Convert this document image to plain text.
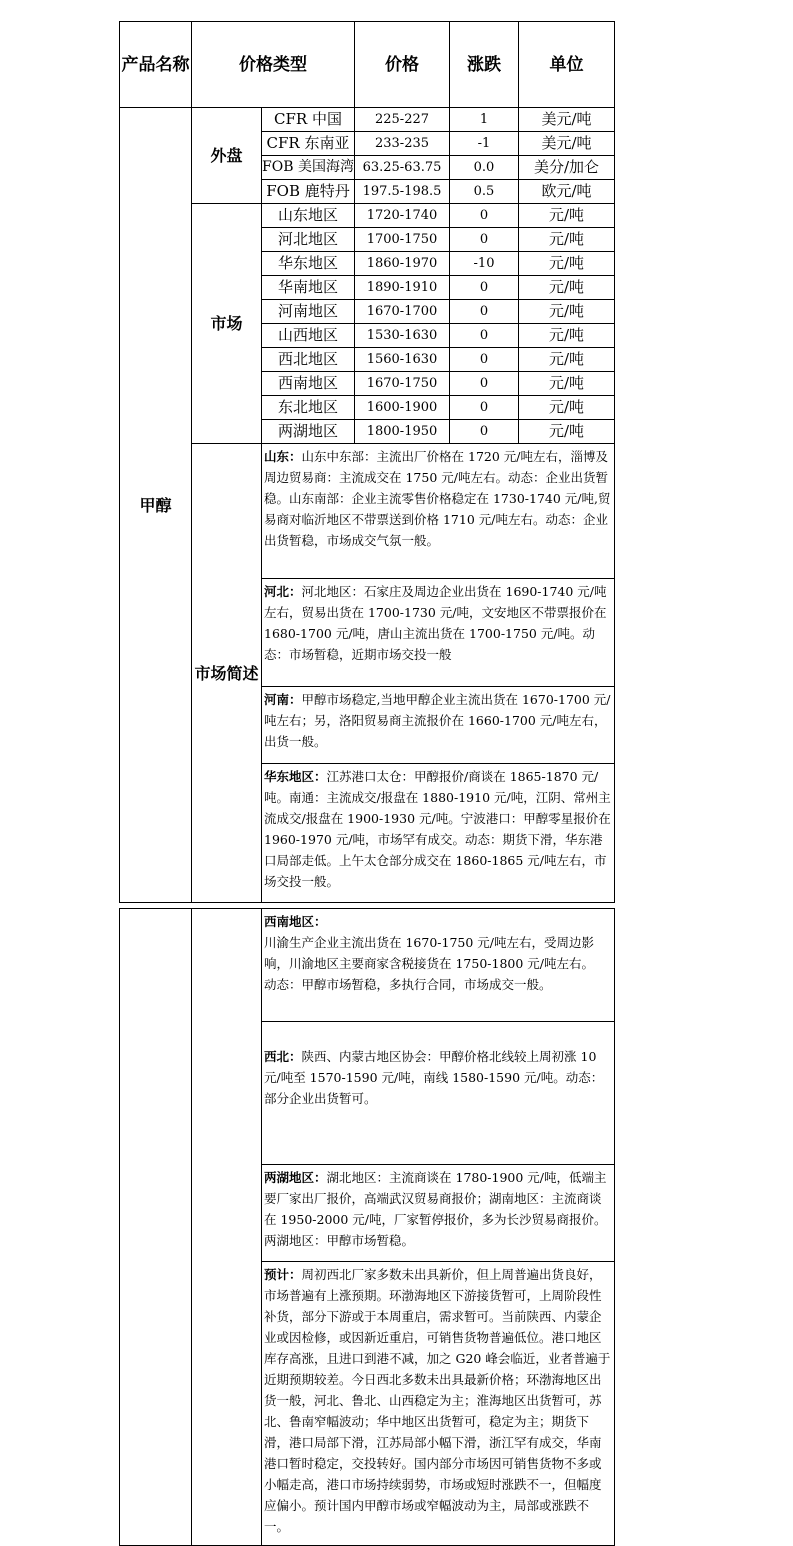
产品名称	价格类型		价格	涨跌	单位
甲醇	外盘	CFR 中国	225-227	1	美元/吨
		CFR 东南亚	233-235	-1	美元/吨
		FOB 美国海湾	63.25-63.75	0.0	美分/加仑
		FOB 鹿特丹	197.5-198.5	0.5	欧元/吨
	市场	山东地区	1720-1740	0	元/吨
		河北地区	1700-1750	0	元/吨
		华东地区	1860-1970	-10	元/吨
		华南地区	1890-1910	0	元/吨
		河南地区	1670-1700	0	元/吨
		山西地区	1530-1630	0	元/吨
		西北地区	1560-1630	0	元/吨
		西南地区	1670-1750	0	元/吨
		东北地区	1600-1900	0	元/吨
		两湖地区	1800-1950	0	元/吨
	市场简述	山东：山东中东部：主流出厂价格在 1720 元/吨左右，淄博及周边贸易商：主流成交在 1750 元/吨左右。动态：企业出货暂稳。山东南部：企业主流零售价格稳定在 1730-1740 元/吨,贸易商对临沂地区不带票送到价格 1710 元/吨左右。动态：企业出货暂稳，市场成交气氛一般。			
		河北：河北地区：石家庄及周边企业出货在 1690-1740 元/吨左右，贸易出货在 1700-1730 元/吨，文安地区不带票报价在 1680-1700 元/吨，唐山主流出货在 1700-1750 元/吨。动态：市场暂稳，近期市场交投一般			
		河南：甲醇市场稳定,当地甲醇企业主流出货在 1670-1700 元/吨左右；另，洛阳贸易商主流报价在 1660-1700 元/吨左右，出货一般。			
		华东地区：江苏港口太仓：甲醇报价/商谈在 1865-1870 元/吨。南通：主流成交/报盘在 1880-1910 元/吨，江阴、常州主流成交/报盘在 1900-1930 元/吨。宁波港口：甲醇零星报价在 1960-1970 元/吨，市场罕有成交。动态：期货下滑，华东港口局部走低。上午太仓部分成交在 1860-1865 元/吨左右，市场交投一般。			
		西南地区：
川渝生产企业主流出货在 1670-1750 元/吨左右，受周边影响，川渝地区主要商家含税接货在 1750-1800 元/吨左右。
动态：甲醇市场暂稳，多执行合同，市场成交一般。
西北：陕西、内蒙古地区协会：甲醇价格北线较上周初涨 10 元/吨至 1570-1590 元/吨，南线 1580-1590 元/吨。动态：部分企业出货暂可。
两湖地区：湖北地区：主流商谈在 1780-1900 元/吨，低端主要厂家出厂报价，高端武汉贸易商报价；湖南地区：主流商谈在 1950-2000 元/吨，厂家暂停报价，多为长沙贸易商报价。两湖地区：甲醇市场暂稳。
预计：周初西北厂家多数未出具新价，但上周普遍出货良好，市场普遍有上涨预期。环渤海地区下游接货暂可，上周阶段性补货，部分下游或于本周重启，需求暂可。当前陕西、内蒙企业或因检修，或因新近重启，可销售货物普遍低位。港口地区库存高涨，且进口到港不减，加之 G20 峰会临近，业者普遍于近期预期较差。今日西北多数未出具最新价格；环渤海地区出货一般，河北、鲁北、山西稳定为主；淮海地区出货暂可，苏北、鲁南窄幅波动；华中地区出货暂可，稳定为主；期货下滑，港口局部下滑，江苏局部小幅下滑，浙江罕有成交，华南港口暂时稳定，交投转好。国内部分市场因可销售货物不多或小幅走高，港口市场持续弱势，市场或短时涨跌不一，但幅度应偏小。预计国内甲醇市场或窄幅波动为主，局部或涨跌不一。
